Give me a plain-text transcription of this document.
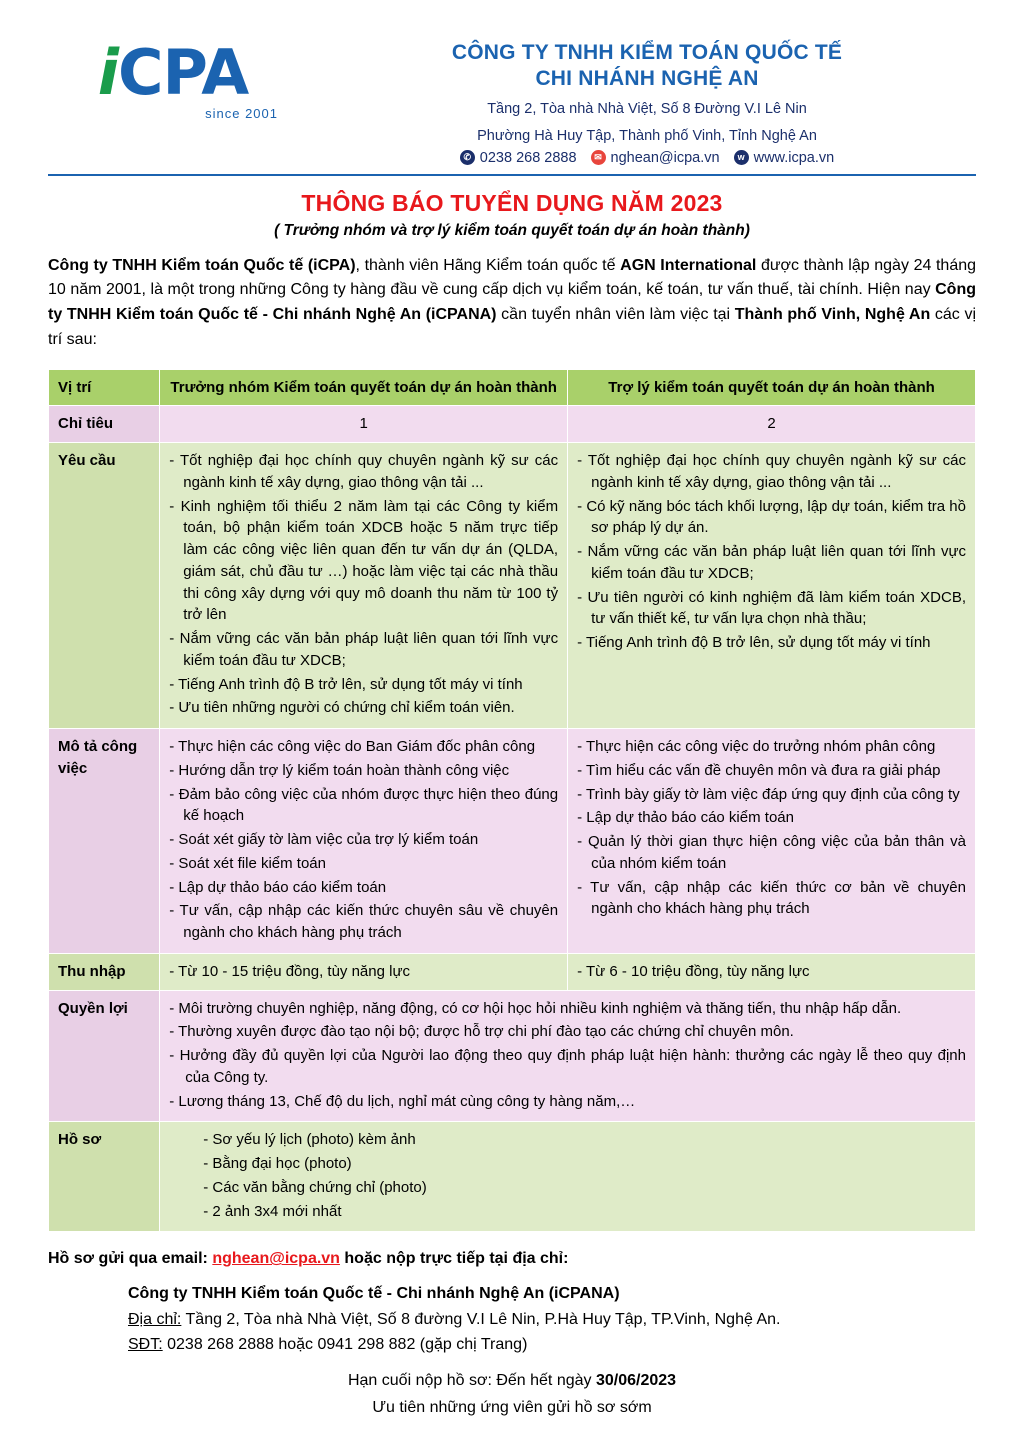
i CPA
since 2001
CÔNG TY TNHH KIỂM TOÁN QUỐC TẾ
CHI NHÁNH NGHỆ AN
Tầng 2, Tòa nhà Nhà Việt, Số 8 Đường V.I Lê Nin
Phường Hà Huy Tập, Thành phố Vinh, Tỉnh Nghệ An
✆ 0238 268 2888	✉ nghean@icpa.vn	w www.icpa.vn
THÔNG BÁO TUYỂN DỤNG NĂM 2023
( Trưởng nhóm và trợ lý kiểm toán quyết toán dự án hoàn thành)

Công ty TNHH Kiểm toán Quốc tế (iCPA), thành viên Hãng Kiểm toán quốc tế AGN International được thành lập ngày 24 tháng 10 năm 2001, là một trong những Công ty hàng đầu về cung cấp dịch vụ kiểm toán, kế toán, tư vấn thuế, tài chính. Hiện nay Công ty TNHH Kiểm toán Quốc tế - Chi nhánh Nghệ An (iCPANA) cần tuyển nhân viên làm việc tại Thành phố Vinh, Nghệ An các vị trí sau:

Vị trí	Trưởng nhóm Kiểm toán quyết toán dự án hoàn thành	Trợ lý kiểm toán quyết toán dự án hoàn thành
Chỉ tiêu	1	2
Yêu cầu	
-Tốt nghiệp đại học chính quy chuyên ngành kỹ sư các ngành kinh tế xây dựng, giao thông vận tải ...
- Kinh nghiệm tối thiểu 2 năm làm tại các Công ty kiểm toán, bộ phận kiểm toán XDCB hoặc 5 năm trực tiếp làm các công việc liên quan đến tư vấn dự án (QLDA, giám sát, chủ đầu tư …) hoặc làm việc tại các nhà thầu thi công xây dựng với quy mô doanh thu năm từ 100 tỷ trở lên
- Nắm vững các văn bản pháp luật liên quan tới lĩnh vực kiểm toán đầu tư XDCB;
- Tiếng Anh trình độ B trở lên, sử dụng tốt máy vi tính
- Ưu tiên những người có chứng chỉ kiểm toán viên.

- Tốt nghiệp đại học chính quy chuyên ngành kỹ sư các ngành kinh tế xây dựng, giao thông vận tải ...
- Có kỹ năng bóc tách khối lượng, lập dự toán, kiểm tra hồ sơ pháp lý dự án.
- Nắm vững các văn bản pháp luật liên quan tới lĩnh vực kiểm toán đầu tư XDCB;
- Ưu tiên người có kinh nghiệm đã làm kiểm toán XDCB, tư vấn thiết kế, tư vấn lựa chọn nhà thầu;
- Tiếng Anh trình độ B trở lên, sử dụng tốt máy vi tính

Mô tả công việc	
- Thực hiện các công việc do Ban Giám đốc phân công
- Hướng dẫn trợ lý kiểm toán hoàn thành công việc
- Đảm bảo công việc của nhóm được thực hiện theo đúng kế hoạch
- Soát xét giấy tờ làm việc của trợ lý kiểm toán
- Soát xét file kiểm toán
- Lập dự thảo báo cáo kiểm toán
- Tư vấn, cập nhập các kiến thức chuyên sâu về chuyên ngành cho khách hàng phụ trách

- Thực hiện các công việc do trưởng nhóm phân công
- Tìm hiểu các vấn đề chuyên môn và đưa ra giải pháp
- Trình bày giấy tờ làm việc đáp ứng quy định của công ty
- Lập dự thảo báo cáo kiểm toán
- Quản lý thời gian thực hiện công việc của bản thân và của nhóm kiểm toán
- Tư vấn, cập nhập các kiến thức cơ bản về chuyên ngành cho khách hàng phụ trách

Thu nhập	- Từ 10 - 15 triệu đồng, tùy năng lực	- Từ 6 - 10 triệu đồng, tùy năng lực
Quyền lợi	
-Môi trường chuyên nghiệp, năng động, có cơ hội học hỏi nhiều kinh nghiệm và thăng tiến, thu nhập hấp dẫn.
- Thường xuyên được đào tạo nội bộ; được hỗ trợ chi phí đào tạo các chứng chỉ chuyên môn.
- Hưởng đầy đủ quyền lợi của Người lao động theo quy định pháp luật hiện hành: thưởng các ngày lễ theo quy định của Công ty.
- Lương tháng 13, Chế độ du lịch, nghỉ mát cùng công ty hàng năm,…

Hồ sơ	
-Sơ yếu lý lịch (photo) kèm ảnh
- Bằng đại học (photo)
- Các văn bằng chứng chỉ (photo)
- 2 ảnh 3x4 mới nhất
Hồ sơ gửi qua email: nghean@icpa.vn hoặc nộp trực tiếp tại địa chỉ:
Công ty TNHH Kiểm toán Quốc tế - Chi nhánh Nghệ An (iCPANA)
Địa chỉ: Tầng 2, Tòa nhà Nhà Việt, Số 8 đường V.I Lê Nin, P.Hà Huy Tập, TP.Vinh, Nghệ An.
SĐT: 0238 268 2888 hoặc 0941 298 882 (gặp chị Trang)
Hạn cuối nộp hồ sơ: Đến hết ngày 30/06/2023
Ưu tiên những ứng viên gửi hồ sơ sớm
